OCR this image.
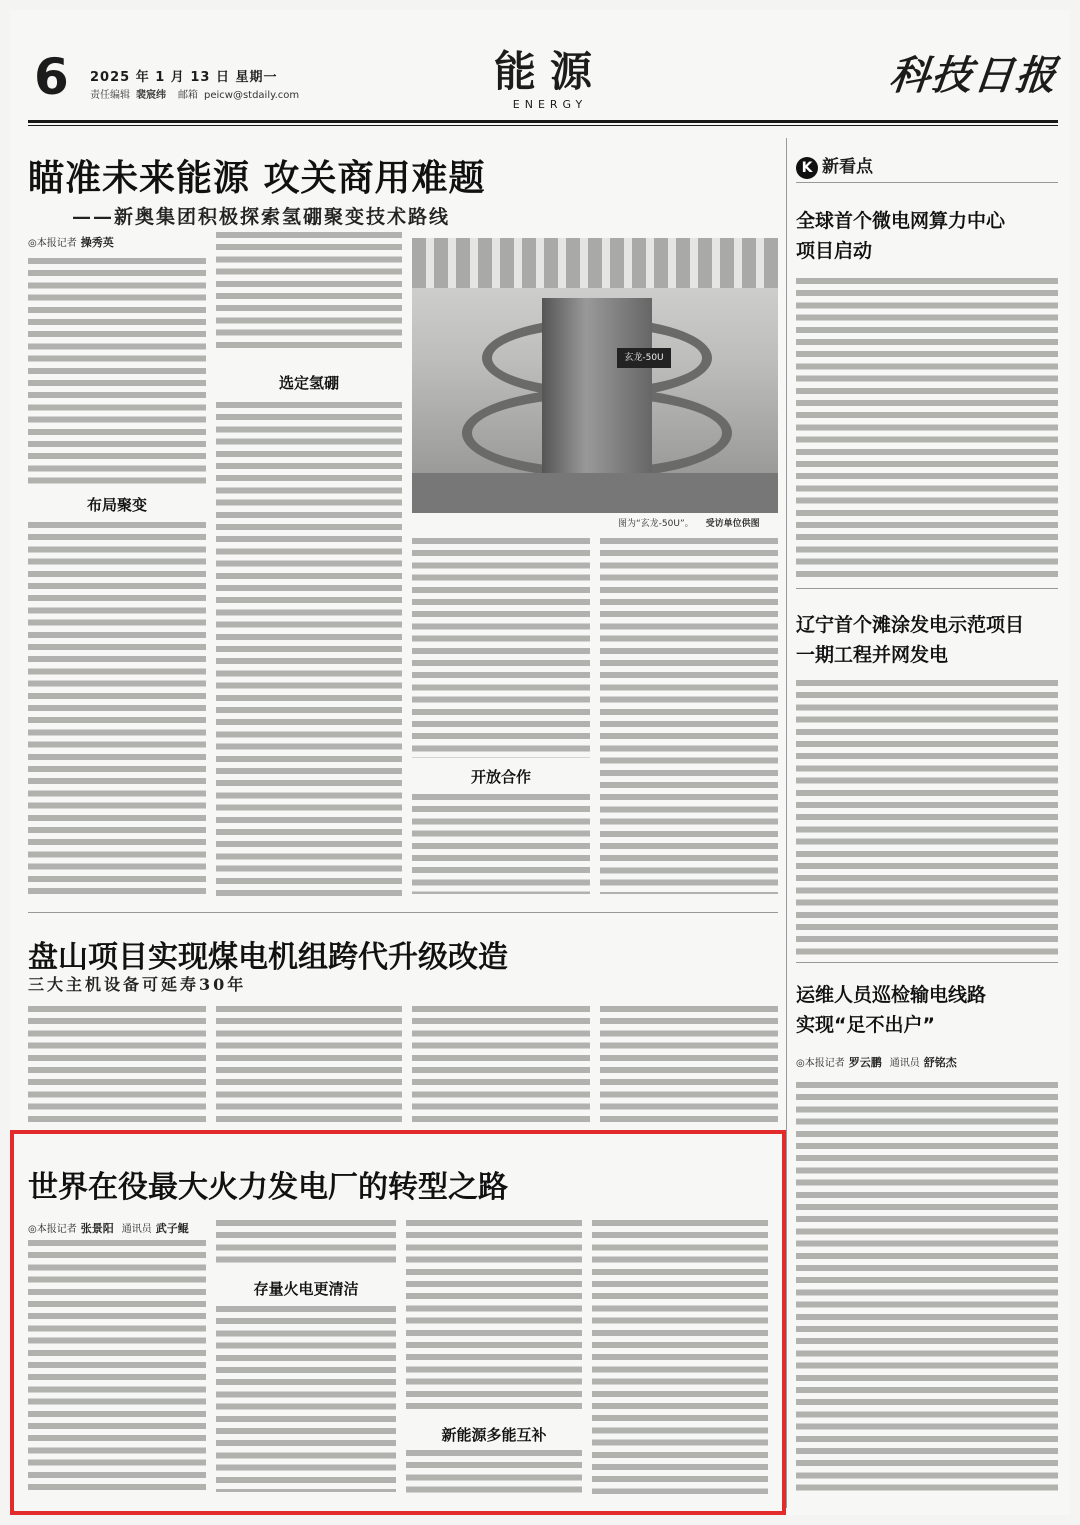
6 2025 年 1 月 13 日 星期一
责任编辑 裴宸纬 邮箱 peicw@stdaily.com	能源
ENERGY
科技日报
瞄准未来能源 攻关商用难题
——新奥集团积极探索氢硼聚变技术路线
◎本报记者 操秀英
布局聚变
选定氢硼
玄龙-50U
图为“玄龙-50U”。 受访单位供图
开放合作
盘山项目实现煤电机组跨代升级改造
三大主机设备可延寿30年
世界在役最大火力发电厂的转型之路
◎本报记者 张景阳 通讯员 武子鲲
存量火电更清洁
新能源多能互补
K 新看点
全球首个微电网算力中心
项目启动
辽宁首个滩涂发电示范项目
一期工程并网发电
运维人员巡检输电线路
实现“足不出户”
◎本报记者 罗云鹏 通讯员 舒铭杰
